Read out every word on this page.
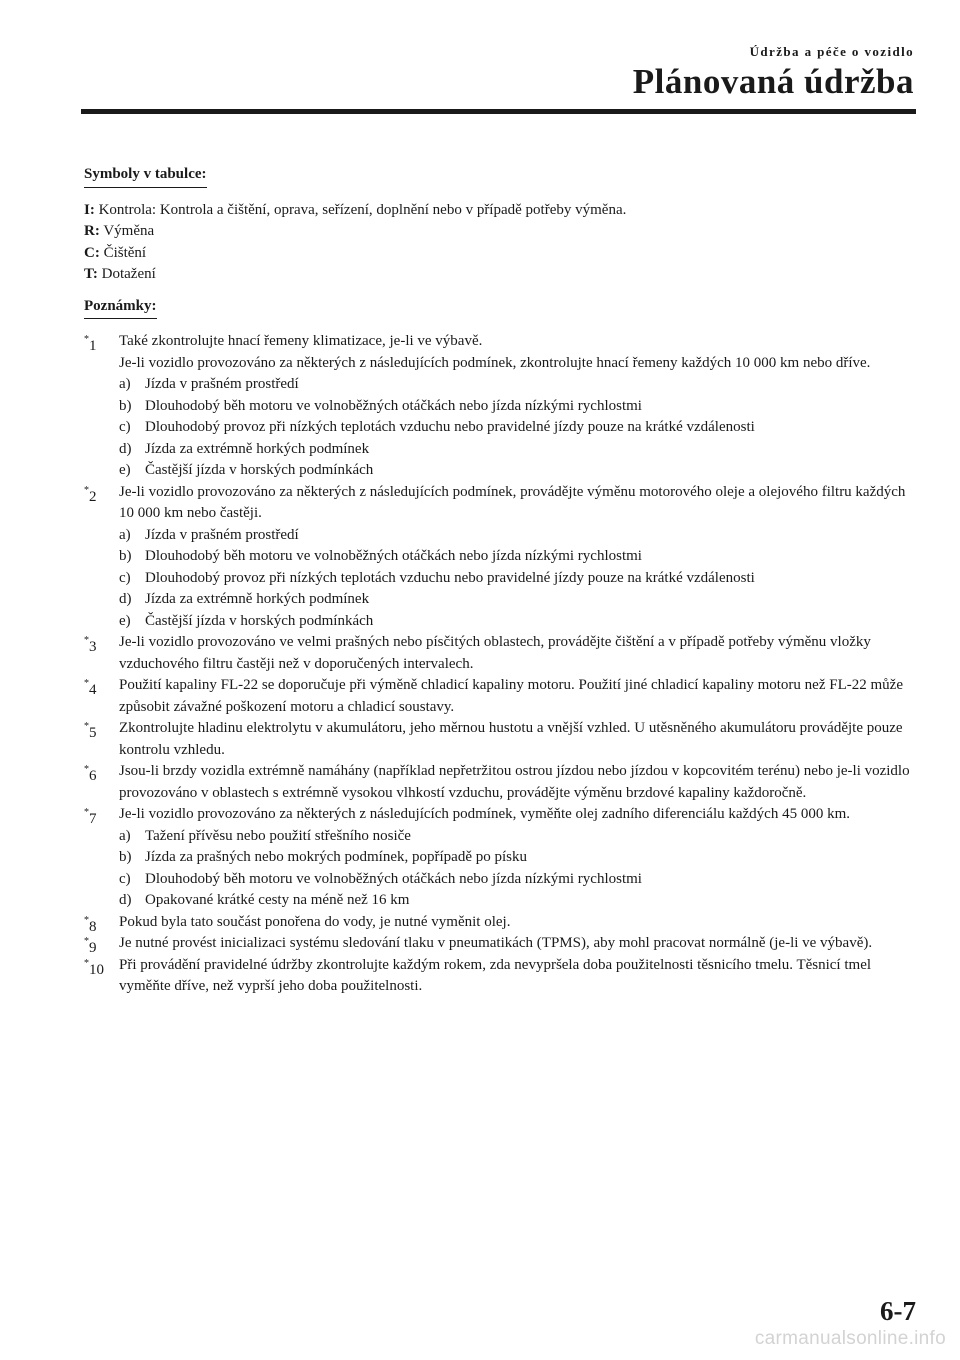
Údržba a péče o vozidlo
Plánovaná údržba
Symboly v tabulce:
I: Kontrola: Kontrola a čištění, oprava, seřízení, doplnění nebo v případě potřeby výměna.
R: Výměna
C: Čištění
T: Dotažení
Poznámky:
*1 Také zkontrolujte hnací řemeny klimatizace, je-li ve výbavě.
Je-li vozidlo provozováno za některých z následujících podmínek, zkontrolujte hnací řemeny každých 10 000 km nebo dříve.
a) Jízda v prašném prostředí
b) Dlouhodobý běh motoru ve volnoběžných otáčkách nebo jízda nízkými rychlostmi
c) Dlouhodobý provoz při nízkých teplotách vzduchu nebo pravidelné jízdy pouze na krátké vzdálenosti
d) Jízda za extrémně horkých podmínek
e) Častější jízda v horských podmínkách
*2 Je-li vozidlo provozováno za některých z následujících podmínek, provádějte výměnu motorového oleje a olejového filtru každých 10 000 km nebo častěji.
a) Jízda v prašném prostředí
b) Dlouhodobý běh motoru ve volnoběžných otáčkách nebo jízda nízkými rychlostmi
c) Dlouhodobý provoz při nízkých teplotách vzduchu nebo pravidelné jízdy pouze na krátké vzdálenosti
d) Jízda za extrémně horkých podmínek
e) Častější jízda v horských podmínkách
*3 Je-li vozidlo provozováno ve velmi prašných nebo písčitých oblastech, provádějte čištění a v případě potřeby výměnu vložky vzduchového filtru častěji než v doporučených intervalech.
*4 Použití kapaliny FL-22 se doporučuje při výměně chladicí kapaliny motoru. Použití jiné chladicí kapaliny motoru než FL-22 může způsobit závažné poškození motoru a chladicí soustavy.
*5 Zkontrolujte hladinu elektrolytu v akumulátoru, jeho měrnou hustotu a vnější vzhled. U utěsněného akumulátoru provádějte pouze kontrolu vzhledu.
*6 Jsou-li brzdy vozidla extrémně namáhány (například nepřetržitou ostrou jízdou nebo jízdou v kopcovitém terénu) nebo je-li vozidlo provozováno v oblastech s extrémně vysokou vlhkostí vzduchu, provádějte výměnu brzdové kapaliny každoročně.
*7 Je-li vozidlo provozováno za některých z následujících podmínek, vyměňte olej zadního diferenciálu každých 45 000 km.
a) Tažení přívěsu nebo použití střešního nosiče
b) Jízda za prašných nebo mokrých podmínek, popřípadě po písku
c) Dlouhodobý běh motoru ve volnoběžných otáčkách nebo jízda nízkými rychlostmi
d) Opakované krátké cesty na méně než 16 km
*8 Pokud byla tato součást ponořena do vody, je nutné vyměnit olej.
*9 Je nutné provést inicializaci systému sledování tlaku v pneumatikách (TPMS), aby mohl pracovat normálně (je-li ve výbavě).
*10 Při provádění pravidelné údržby zkontrolujte každým rokem, zda nevypršela doba použitelnosti těsnicího tmelu. Těsnicí tmel vyměňte dříve, než vyprší jeho doba použitelnosti.
6-7
carmanualsonline.info
